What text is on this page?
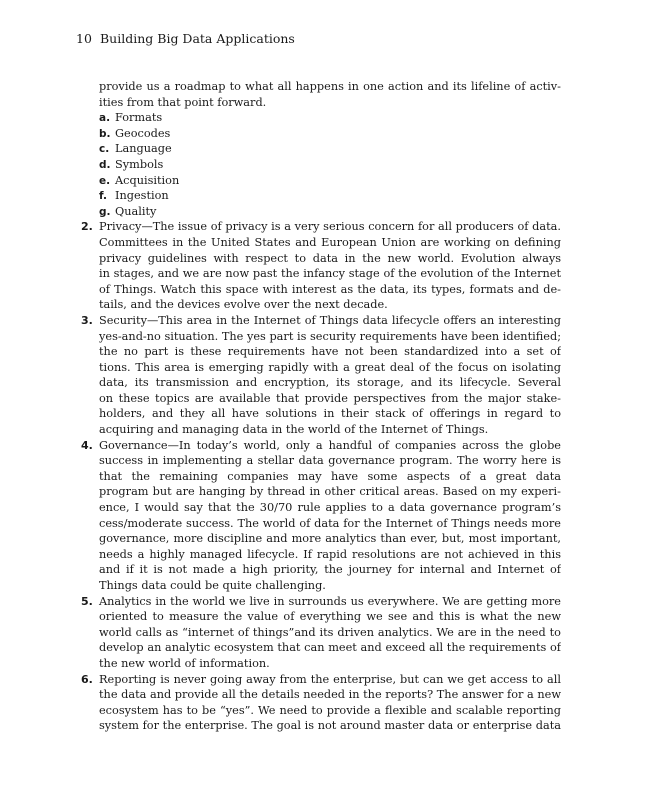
10 Building Big Data Applications
provide us a roadmap to what all happens in one action and its lifeline of activ-
ities from that point forward.
a. Formats
b. Geocodes
c. Language
d. Symbols
e. Acquisition
f. Ingestion
g. Quality
2. Privacy—The issue of privacy is a very serious concern for all producers of data.
Committees in the United States and European Union are working on defining
privacy guidelines with respect to data in the new world. Evolution always
in stages, and we are now past the infancy stage of the evolution of the Internet
of Things. Watch this space with interest as the data, its types, formats and de-
tails, and the devices evolve over the next decade.
3. Security—This area in the Internet of Things data lifecycle offers an interesting
yes-and-no situation. The yes part is security requirements have been identified;
the no part is these requirements have not been standardized into a set of
tions. This area is emerging rapidly with a great deal of the focus on isolating
data, its transmission and encryption, its storage, and its lifecycle. Several
on these topics are available that provide perspectives from the major stake-
holders, and they all have solutions in their stack of offerings in regard to
acquiring and managing data in the world of the Internet of Things.
4. Governance—In today’s world, only a handful of companies across the globe
success in implementing a stellar data governance program. The worry here is
that the remaining companies may have some aspects of a great data
program but are hanging by thread in other critical areas. Based on my experi-
ence, I would say that the 30/70 rule applies to a data governance program’s
cess/moderate success. The world of data for the Internet of Things needs more
governance, more discipline and more analytics than ever, but, most important,
needs a highly managed lifecycle. If rapid resolutions are not achieved in this
and if it is not made a high priority, the journey for internal and Internet of
Things data could be quite challenging.
5. Analytics in the world we live in surrounds us everywhere. We are getting more
oriented to measure the value of everything we see and this is what the new
world calls as “internet of things”and its driven analytics. We are in the need to
develop an analytic ecosystem that can meet and exceed all the requirements of
the new world of information.
6. Reporting is never going away from the enterprise, but can we get access to all
the data and provide all the details needed in the reports? The answer for a new
ecosystem has to be “yes”. We need to provide a flexible and scalable reporting
system for the enterprise. The goal is not around master data or enterprise data
